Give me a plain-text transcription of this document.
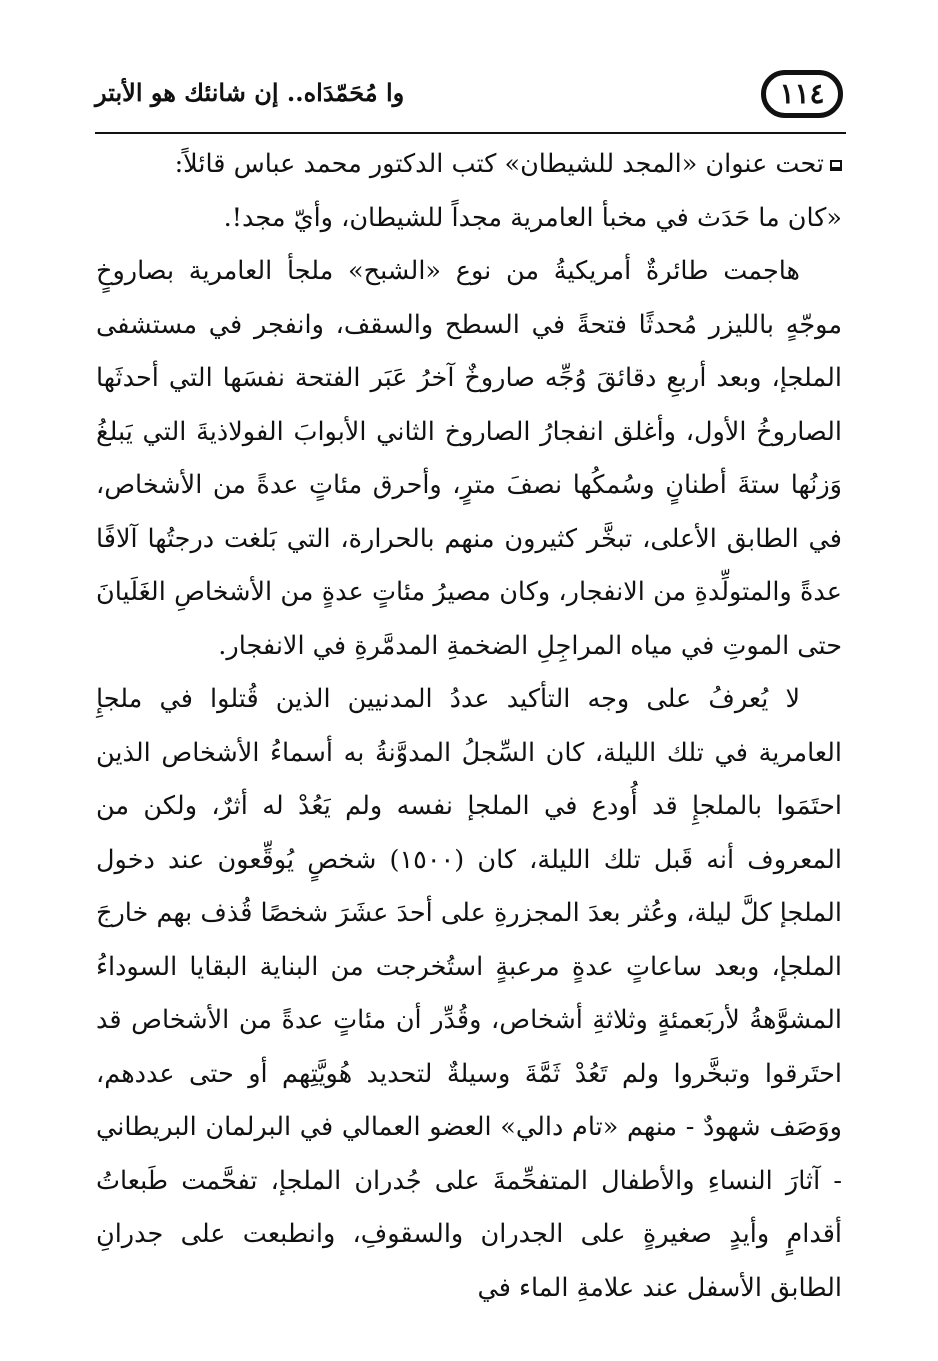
١١٤
وا مُحَمّدَاه.. إن شانئك هو الأبتر

تحت عنوان «المجد للشيطان» كتب الدكتور محمد عباس قائلاً:

«كان ما حَدَث في مخبأ العامرية مجداً للشيطان، وأيّ مجد!.

هاجمت طائرةٌ أمريكيةُ من نوع «الشبح» ملجأ العامرية بصاروخٍ موجّهٍ بالليزر مُحدثًا فتحةً في السطح والسقف، وانفجر في مستشفى الملجإ، وبعد أربعِ دقائقَ وُجِّه صاروخٌ آخرُ عَبَر الفتحة نفسَها التي أحدثَها الصاروخُ الأول، وأغلق انفجارُ الصاروخ الثاني الأبوابَ الفولاذيةَ التي يَبلغُ وَزنُها ستةَ أطنانٍ وسُمكُها نصفَ مترٍ، وأحرق مئاتٍ عدةً من الأشخاص، في الطابق الأعلى، تبخَّر كثيرون منهم بالحرارة، التي بَلغت درجتُها آلافًا عدةً والمتولِّدةِ من الانفجار، وكان مصيرُ مئاتٍ عدةٍ من الأشخاصِ الغَلَيانَ حتى الموتِ في مياه المراجِلِ الضخمةِ المدمَّرةِ في الانفجار.

لا يُعرفُ على وجه التأكيد عددُ المدنيين الذين قُتلوا في ملجإِ العامرية في تلك الليلة، كان السِّجلُ المدوَّنةُ به أسماءُ الأشخاص الذين احتَمَوا بالملجإِ قد أُودع في الملجإ نفسه ولم يَعُدْ له أثرٌ، ولكن من المعروف أنه قَبل تلك الليلة، كان (١٥٠٠) شخصٍ يُوقِّعون عند دخول الملجإ كلَّ ليلة، وعُثر بعدَ المجزرةِ على أحدَ عشَرَ شخصًا قُذف بهم خارجَ الملجإ، وبعد ساعاتٍ عدةٍ مرعبةٍ استُخرجت من البناية البقايا السوداءُ المشوَّهةُ لأربَعمئةٍ وثلاثةِ أشخاص، وقُدِّر أن مئاتٍ عدةً من الأشخاص قد احتَرقوا وتبخَّروا ولم تَعُدْ ثَمَّةَ وسيلةٌ لتحديد هُويَّتِهم أو حتى عددهم، ووَصَف شهودٌ - منهم «تام دالي» العضو العمالي في البرلمان البريطاني - آثارَ النساءِ والأطفال المتفحِّمةَ على جُدران الملجإ، تفحَّمت طَبعاتُ أقدامٍ وأيدٍ صغيرةٍ على الجدران والسقوفِ، وانطبعت على جدرانِ الطابق الأسفل عند علامةِ الماء في
